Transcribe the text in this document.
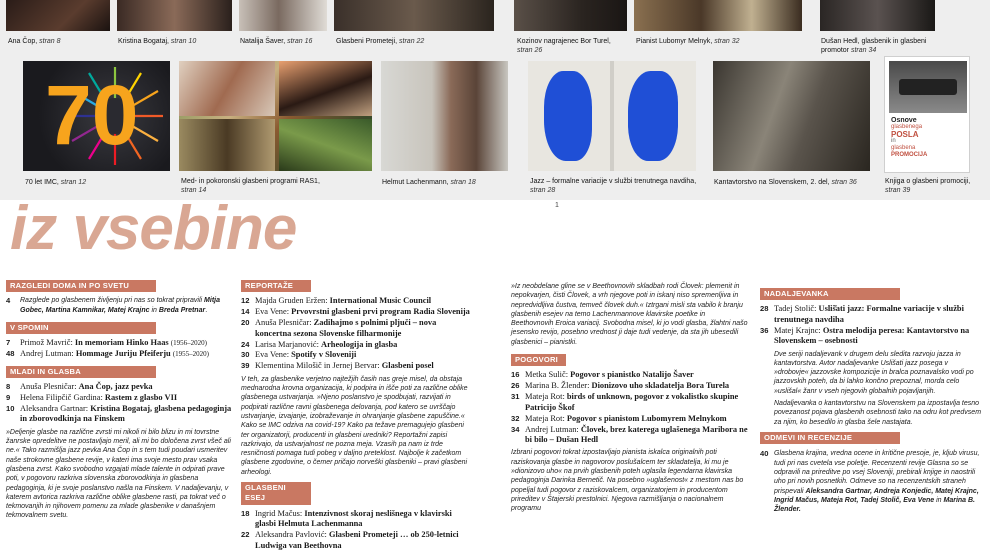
Ana Čop, stran 8	Kristina Bogataj, stran 10	Natalija Šaver, stran 16	Glasbeni Prometeji, stran 22	Kozinov nagrajenec Bor Turel,
stran 26
Pianist Lubomyr Melnyk, stran 32	Dušan Hedl, glasbenik in glasbeni promotor stran 34
70	Osnove
glasbenega
POSLA
in
glasbena
PROMOCIJA
70 let IMC, stran 12	Med- in pokoronski glasbeni programi RAS1,
stran 14
Helmut Lachenmann, stran 18	Jazz – formalne variacije v službi trenutnega navdiha, stran 28
Kantavtorstvo na Slovenskem, 2. del, stran 36	Knjiga o glasbeni promociji, stran 39
1
iz vsebine
RAZGLEDI DOMA IN PO SVETU
4 Razglede po glasbenem življenju pri nas so tokrat pripravili Mitja Gobec, Martina Kamnikar, Matej Krajnc in Breda Pretnar.
V SPOMIN
7 Primož Mavrič: In memoriam Hinko Haas (1956–2020)
48 Andrej Lutman: Hommage Juriju Pfeiferju (1955–2020)
MLADI IN GLASBA
8 Anuša Plesničar: Ana Čop, jazz pevka
9 Helena Filipčič Gardina: Rastem z glasbo VII
10 Aleksandra Gartnar: Kristina Bogataj, glasbena pedagoginja in zborovodkinja na Finskem
»Deljenje glasbe na različne zvrsti mi nikoli ni bilo blizu in mi tovrstne žanrske opredelitve ne postavljajo meril, ali mi bo določena zvrst všeč ali ne.« Tako razmišlja jazz pevka Ana Čop in s tem tudi poudari usmeritev naše strokovne glasbene revije, v kateri ima svoje mesto prav vsaka glasbena zvrst. Kako svobodno vzgajati mlade talente in odpirati prave poti, v pogovoru razkriva slovenska zborovodkinja in glasbena pedagoginja, ki je svoje poslanstvo našla na Finskem. V nadaljevanju, v katerem avtorica razkriva različne oblike glasbene rasti, pa tokrat več o tekmovanjih in njihovem pomenu za mlade glasbenike v današnjem tekmovalnem svetu.
REPORTAŽE
12 Majda Gruden Eržen: International Music Council
14 Eva Vene: Prvovrstni glasbeni prvi program Radia Slovenija
20 Anuša Plesničar: Zadihajmo s polnimi pljuči – nova koncertna sezona Slovenske filharmonije
24 Larisa Marjanović: Arheologija in glasba
30 Eva Vene: Spotify v Sloveniji
39 Klementina Milošič in Jernej Bervar: Glasbeni posel
V teh, za glasbenike verjetno najtežjih časih nas greje misel, da obstaja mednarodna krovna organizacija, ki podpira in išče poti za različne oblike glasbenega ustvarjanja. »Njeno poslanstvo je spodbujati, razvijati in podpirati različne ravni glasbenega delovanja, pod katero se uvrščajo ustvarjanje, izvajanje, izobraževanje in ohranjanje glasbene zapuščine.« Kako se IMC odziva na covid-19? Kako pa težave premagujejo glasbeni ter organizatorji, producenti in glasbeni uredniki? Reportažni zapisi razkrivajo, da ustvarjalnost ne pozna meja. Vzasih pa nam iz trde resničnosti pomaga tudi pobeg v daljno preteklost. Najbolje k začetkom glasbene zgodovine, o čemer pričajo norveški glasbeniki – pravi glasbeni arheologi.
GLASBENI ESEJ
18 Ingrid Mačus: Intenzivnost skoraj neslišnega v klavirski glasbi Helmuta Lachenmanna
22 Aleksandra Pavlović: Glasbeni Prometeji … ob 250-letnici Ludwiga van Beethovna
»Iz neobdelane gline se v Beethovnovih skladbah rodi Človek: plemenit in nepokvarjen, čisti Človek, a vrh njegove poti in iskanj niso spremenljiva in nepredvidljiva čustva, temveč človek duh.« Iztrgani misli sta vabilo k branju glasbenih esejev na temo Lachenmannove klavirske poetike in Beethovnovih Eroica variacij. Svobodna misel, ki jo vodi glasba, žlahtni našo jesensko revijo, posebno vrednost ji daje tudi vedenje, da sta jih ubesedili glasbenici – pianistki.
POGOVORI
16 Metka Sulič: Pogovor s pianistko Natalijo Šaver
26 Marina B. Žlender: Dionizovo uho skladatelja Bora Turela
31 Mateja Rot: birds of unknown, pogovor z vokalistko skupine Patricijo Škof
32 Mateja Rot: Pogovor s pianistom Lubomyrem Melnykom
34 Andrej Lutman: Človek, brez katerega uglašenega Maribora ne bi bilo – Dušan Hedl
Izbrani pogovori tokrat izpostavljajo pianista iskalca originalnih poti raziskovanja glasbe in nagovorov poslušalcem ter skladatelja, ki mu je »dionizovo uho« na prvih glasbenih poteh uglasila legendarna klavirska pedagoginja Darinka Bernetič. Na posebno »uglašenost« z mestom nas bo popeljal tudi pogovor z raziskovalcem, organizatorjem in producentom prireditev v Štajerski prestolnici. Njegova razmišljanja o nacionalnem programu
NADALJEVANKA
28 Tadej Stolič: Usliš̌ati jazz: Formalne variacije v službi trenutnega navdiha
36 Matej Krajnc: Ostra melodija peresa: Kantavtorstvo na Slovenskem – osebnosti
Dve seriji nadaljevank v drugem delu sledita razvoju jazza in kantavtorstva. Avtor nadaljevanke Uslišati jazz posega v »drobovje« jazzovske kompozicije in bralca poznavalsko vodi po jazzovskih poteh, da bi lahko končno prepoznal, morda celo »uslišal« žanr v vseh njegovih globalnih pojavljanjih.
Nadaljevanka o kantavtorstvu na Slovenskem pa izpostavlja tesno povezanost pojava glasbenih osebnosti tako na odru kot predvsem za njim, ko besedilo in glasba šele nastajata.
ODMEVI IN RECENZIJE
40 Glasbena krajina, vredna ocene in kritične presoje, je, kljub virusu, tudi pri nas cvetela vse poletje. Recenzenti revije Glasna so se odpravili na prireditve po vsej Sloveniji, prebirali knjige in naostrili uho pri novih posnetkih. Odmeve so na recenzentskih straneh prispevali Aleksandra Gartnar, Andreja Konjedic, Matej Krajnc, Ingrid Mačus, Mateja Rot, Tadej Stolič, Eva Vene in Marina B. Žlender.
